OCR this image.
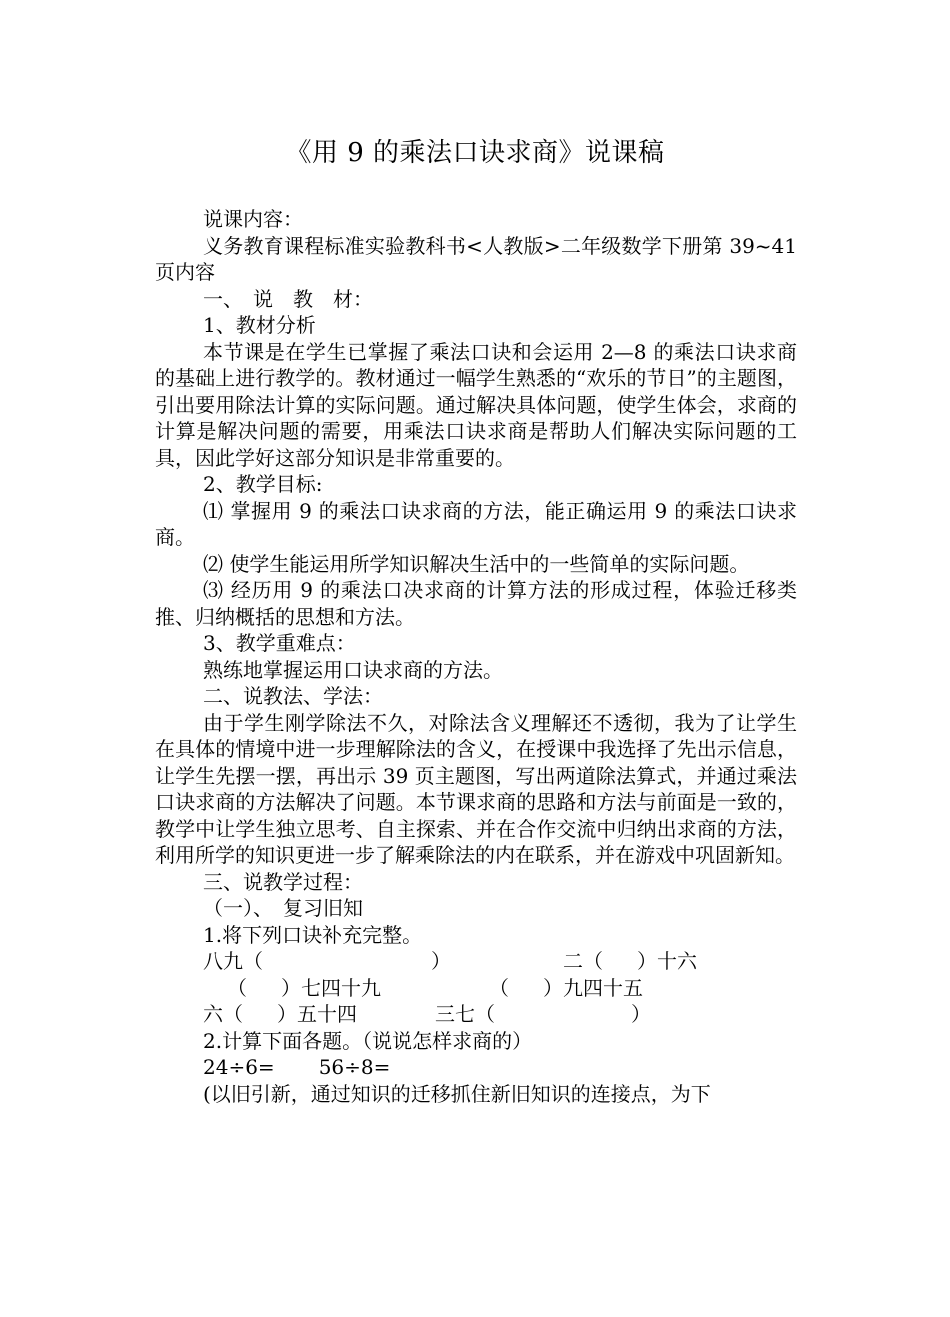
《用 9 的乘法口诀求商》说课稿

说课内容：

义务教育课程标准实验教科书<人教版>二年级数学下册第 39~41 页内容

一、　说　教　材：

1、教材分析

本节课是在学生已掌握了乘法口诀和会运用 2—8 的乘法口诀求商的基础上进行教学的。教材通过一幅学生熟悉的“欢乐的节日”的主题图，引出要用除法计算的实际问题。通过解决具体问题，使学生体会，求商的计算是解决问题的需要，用乘法口诀求商是帮助人们解决实际问题的工具，因此学好这部分知识是非常重要的。

2、教学目标:

⑴ 掌握用 9 的乘法口诀求商的方法，能正确运用 9 的乘法口诀求商。

⑵ 使学生能运用所学知识解决生活中的一些简单的实际问题。

⑶ 经历用 9 的乘法口决求商的计算方法的形成过程，体验迁移类推、归纳概括的思想和方法。

3、教学重难点：

熟练地掌握运用口诀求商的方法。

二、说教法、学法：

由于学生刚学除法不久，对除法含义理解还不透彻，我为了让学生在具体的情境中进一步理解除法的含义，在授课中我选择了先出示信息，让学生先摆一摆，再出示 39 页主题图，写出两道除法算式，并通过乘法口诀求商的方法解决了问题。本节课求商的思路和方法与前面是一致的，教学中让学生独立思考、自主探索、并在合作交流中归纳出求商的方法，利用所学的知识更进一步了解乘除法的内在联系，并在游戏中巩固新知。

三、说教学过程：

（一）、　复习旧知

1.将下列口诀补充完整。

八九（	）	二（ ）十六

（ ）七四十九	（ ）九四十五

六（ ）五十四	三七（	）

2.计算下面各题。（说说怎样求商的）

24÷6= 56÷8=

(以旧引新，通过知识的迁移抓住新旧知识的连接点，为下
